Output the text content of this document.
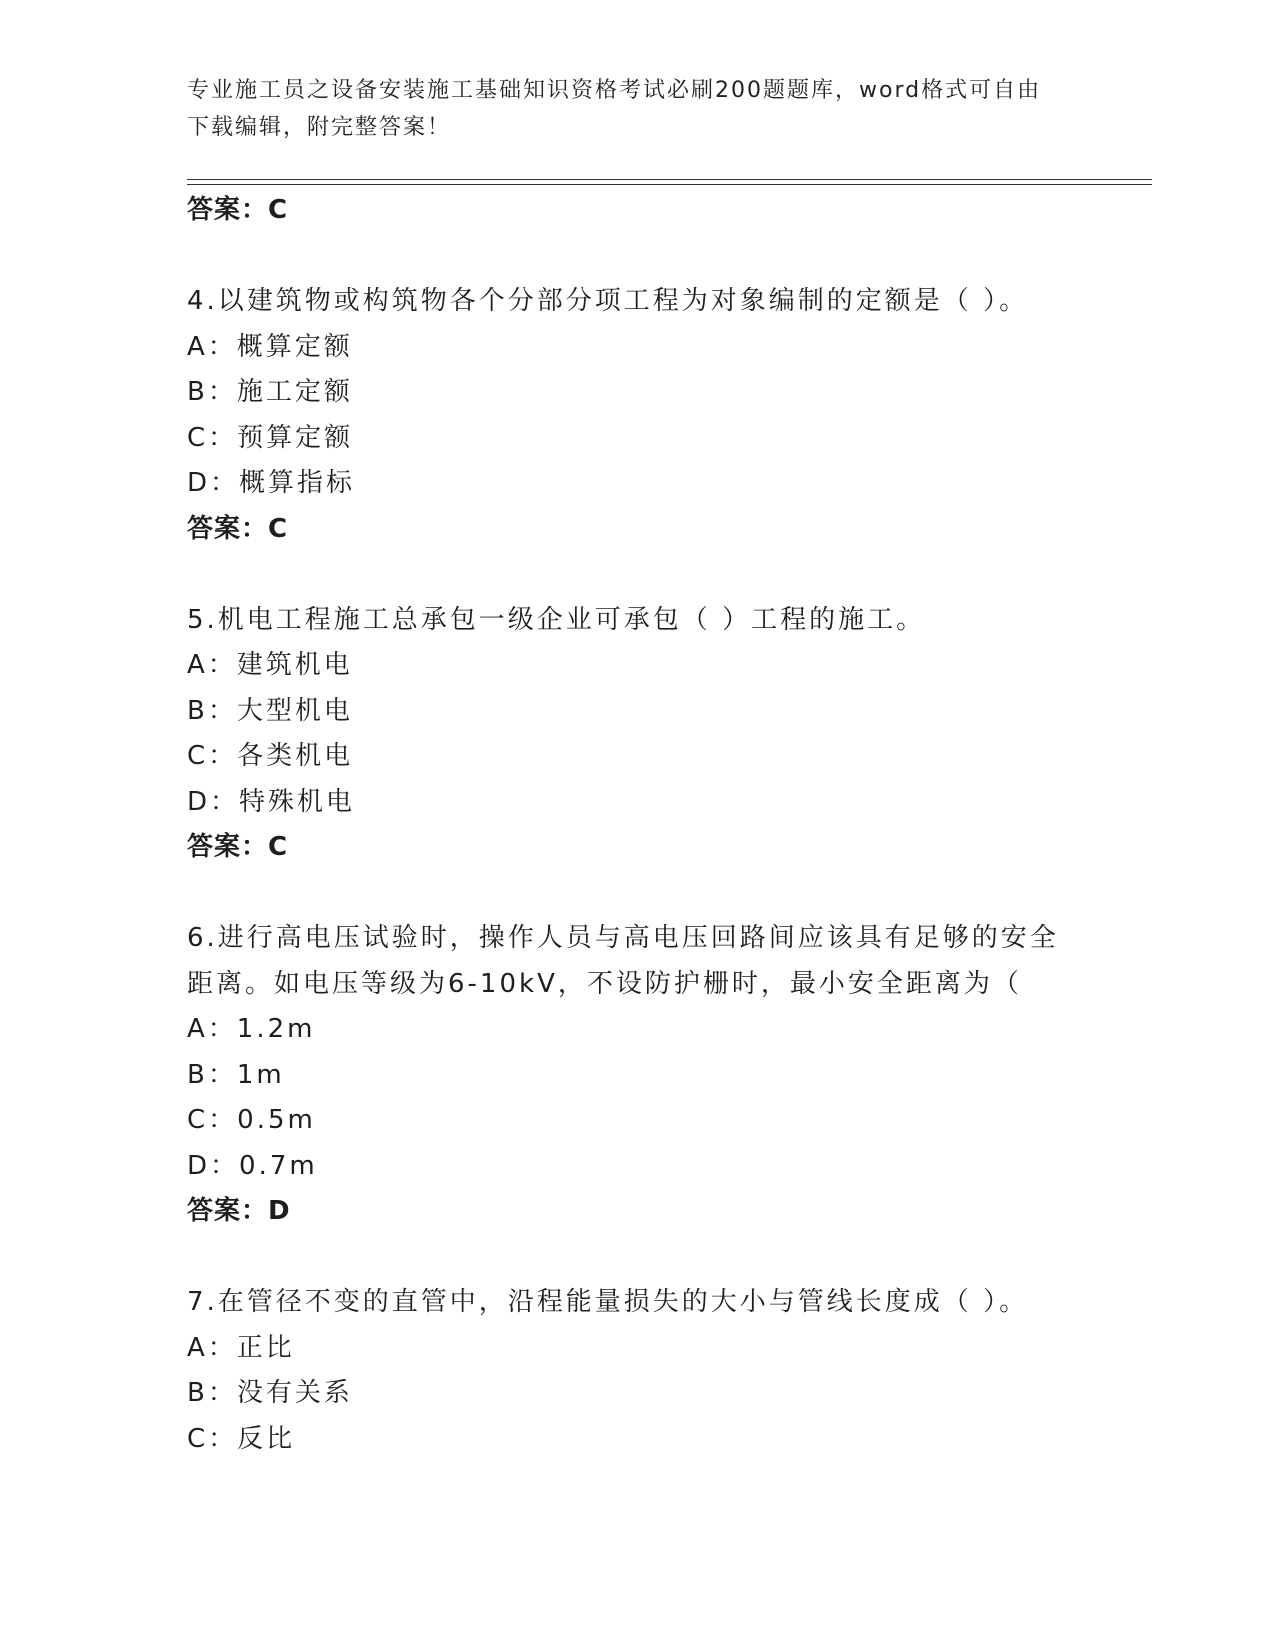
专业施工员之设备安装施工基础知识资格考试必刷200题题库，word格式可自由
下载编辑，附完整答案！
答案：C
4.以建筑物或构筑物各个分部分项工程为对象编制的定额是（ ）。
A：概算定额
B：施工定额
C：预算定额
D：概算指标
答案：C
5.机电工程施工总承包一级企业可承包（ ）工程的施工。
A：建筑机电
B：大型机电
C：各类机电
D：特殊机电
答案：C
6.进行高电压试验时，操作人员与高电压回路间应该具有足够的安全
距离。如电压等级为6-10kV，不设防护栅时，最小安全距离为（
A：1.2m
B：1m
C：0.5m
D：0.7m
答案：D
7.在管径不变的直管中，沿程能量损失的大小与管线长度成（ ）。
A：正比
B：没有关系
C：反比
